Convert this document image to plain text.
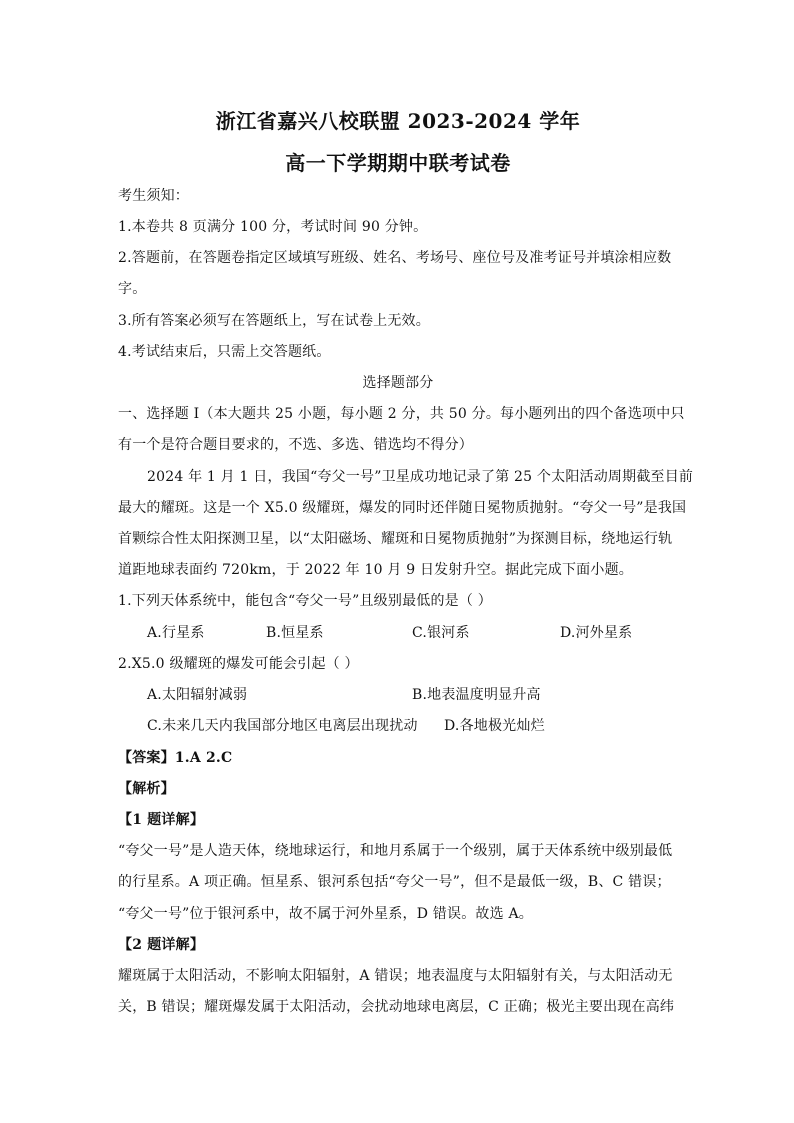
浙江省嘉兴八校联盟 2023-2024 学年
高一下学期期中联考试卷
考生须知：
1.本卷共 8 页满分 100 分，考试时间 90 分钟。
2.答题前，在答题卷指定区域填写班级、姓名、考场号、座位号及准考证号并填涂相应数
字。
3.所有答案必须写在答题纸上，写在试卷上无效。
4.考试结束后，只需上交答题纸。
选择题部分
一、选择题 I（本大题共 25 小题，每小题 2 分，共 50 分。每小题列出的四个备选项中只
有一个是符合题目要求的，不选、多选、错选均不得分）
2024 年 1 月 1 日，我国“夸父一号”卫星成功地记录了第 25 个太阳活动周期截至目前
最大的耀斑。这是一个 X5.0 级耀斑，爆发的同时还伴随日冕物质抛射。“夸父一号”是我国
首颗综合性太阳探测卫星，以“太阳磁场、耀斑和日冕物质抛射”为探测目标，绕地运行轨
道距地球表面约 720km，于 2022 年 10 月 9 日发射升空。据此完成下面小题。
1.下列天体系统中，能包含“夸父一号”且级别最低的是（ ）
A.行星系	B.恒星系	C.银河系	D.河外星系
2.X5.0 级耀斑的爆发可能会引起（ ）
A.太阳辐射减弱	B.地表温度明显升高
C.未来几天内我国部分地区电离层出现扰动 D.各地极光灿烂
【答案】1.A 2.C
【解析】
【1 题详解】
“夸父一号”是人造天体，绕地球运行，和地月系属于一个级别，属于天体系统中级别最低
的行星系。A 项正确。恒星系、银河系包括“夸父一号”，但不是最低一级，B、C 错误；
“夸父一号”位于银河系中，故不属于河外星系，D 错误。故选 A。
【2 题详解】
耀斑属于太阳活动，不影响太阳辐射，A 错误；地表温度与太阳辐射有关，与太阳活动无
关，B 错误；耀斑爆发属于太阳活动，会扰动地球电离层，C 正确；极光主要出现在高纬
